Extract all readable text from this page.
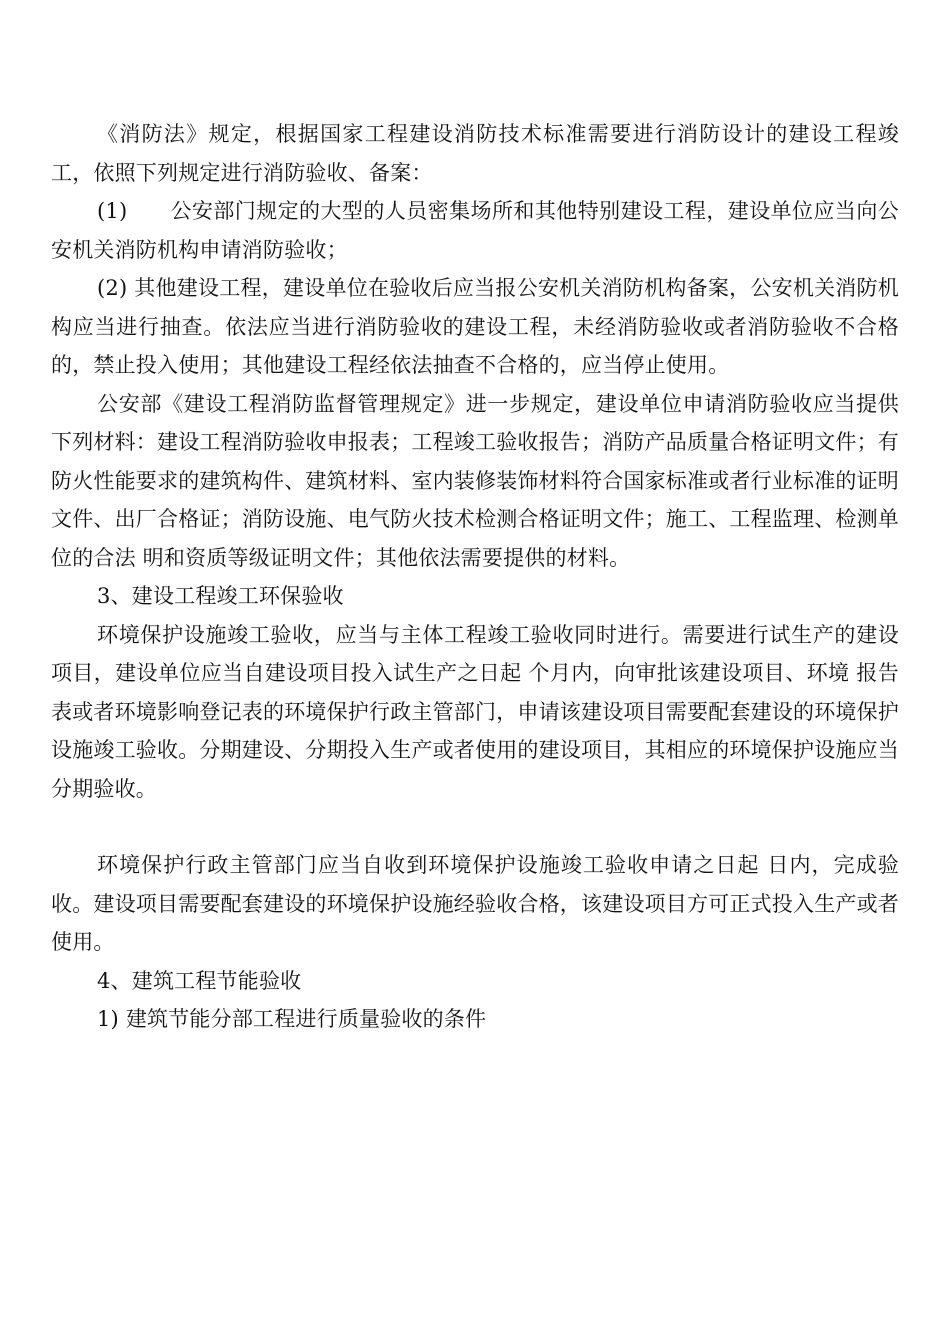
《消防法》规定，根据国家工程建设消防技术标准需要进行消防设计的建设工程竣工，依照下列规定进行消防验收、备案：

(1)　　公安部门规定的大型的人员密集场所和其他特别建设工程，建设单位应当向公安机关消防机构申请消防验收；

(2) 其他建设工程，建设单位在验收后应当报公安机关消防机构备案，公安机关消防机构应当进行抽查。依法应当进行消防验收的建设工程，未经消防验收或者消防验收不合格的，禁止投入使用；其他建设工程经依法抽查不合格的，应当停止使用。

公安部《建设工程消防监督管理规定》进一步规定，建设单位申请消防验收应当提供下列材料：建设工程消防验收申报表；工程竣工验收报告；消防产品质量合格证明文件；有防火性能要求的建筑构件、建筑材料、室内装修装饰材料符合国家标准或者行业标准的证明文件、出厂合格证；消防设施、电气防火技术检测合格证明文件；施工、工程监理、检测单位的合法 明和资质等级证明文件；其他依法需要提供的材料。

3、建设工程竣工环保验收

环境保护设施竣工验收，应当与主体工程竣工验收同时进行。需要进行试生产的建设项目，建设单位应当自建设项目投入试生产之日起 个月内，向审批该建设项目、环境 报告表或者环境影响登记表的环境保护行政主管部门，申请该建设项目需要配套建设的环境保护设施竣工验收。分期建设、分期投入生产或者使用的建设项目，其相应的环境保护设施应当分期验收。

环境保护行政主管部门应当自收到环境保护设施竣工验收申请之日起 日内，完成验收。建设项目需要配套建设的环境保护设施经验收合格，该建设项目方可正式投入生产或者使用。

4、建筑工程节能验收

1) 建筑节能分部工程进行质量验收的条件
